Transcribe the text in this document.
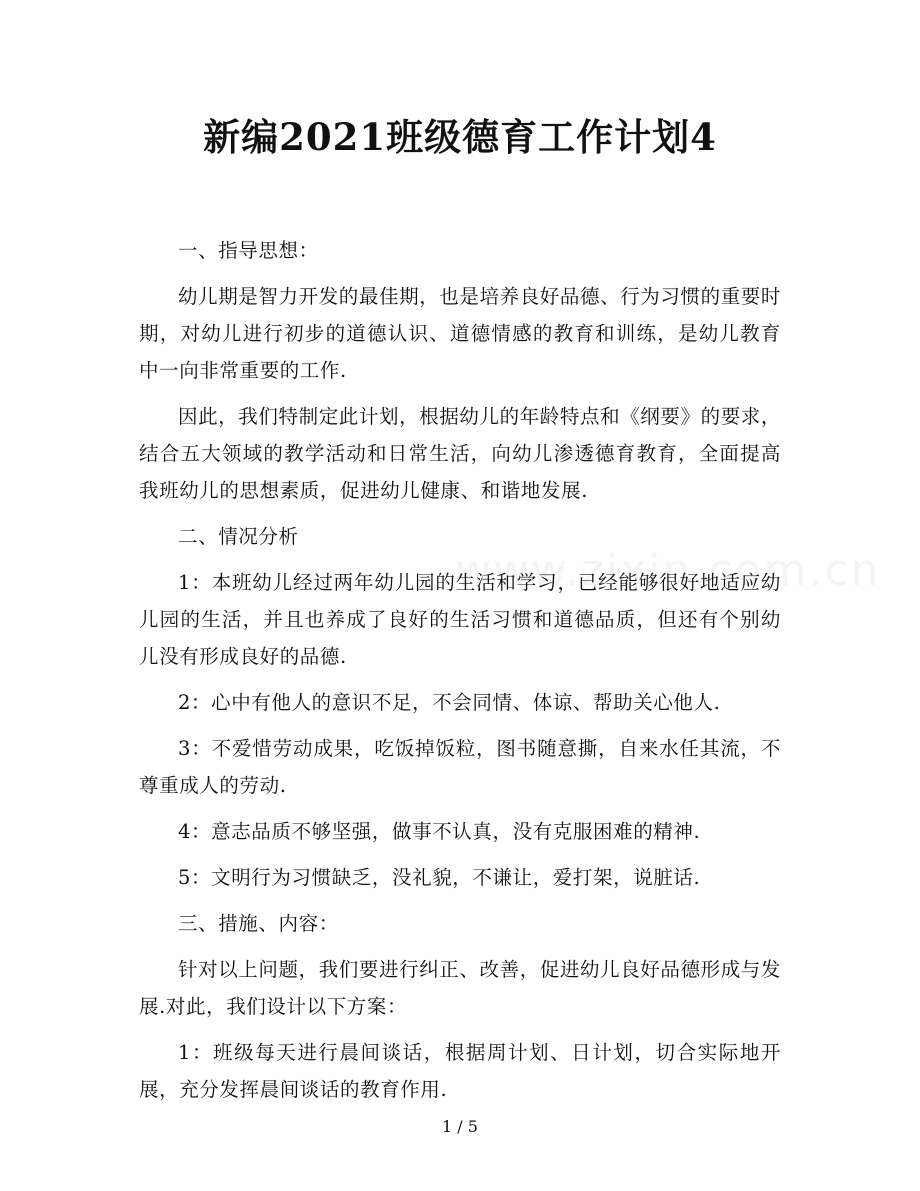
新编2021班级德育工作计划4

一、指导思想：

幼儿期是智力开发的最佳期，也是培养良好品德、行为习惯的重要时期，对幼儿进行初步的道德认识、道德情感的教育和训练，是幼儿教育中一向非常重要的工作.

因此，我们特制定此计划，根据幼儿的年龄特点和《纲要》的要求，结合五大领域的教学活动和日常生活，向幼儿渗透德育教育，全面提高我班幼儿的思想素质，促进幼儿健康、和谐地发展.

二、情况分析

1：本班幼儿经过两年幼儿园的生活和学习，已经能够很好地适应幼儿园的生活，并且也养成了良好的生活习惯和道德品质，但还有个别幼儿没有形成良好的品德.

2：心中有他人的意识不足，不会同情、体谅、帮助关心他人.

3：不爱惜劳动成果，吃饭掉饭粒，图书随意撕，自来水任其流，不尊重成人的劳动.

4：意志品质不够坚强，做事不认真，没有克服困难的精神.

5：文明行为习惯缺乏，没礼貌，不谦让，爱打架，说脏话.

三、措施、内容：

针对以上问题，我们要进行纠正、改善，促进幼儿良好品德形成与发展.对此，我们设计以下方案：

1：班级每天进行晨间谈话，根据周计划、日计划，切合实际地开展，充分发挥晨间谈话的教育作用.

1 / 5
